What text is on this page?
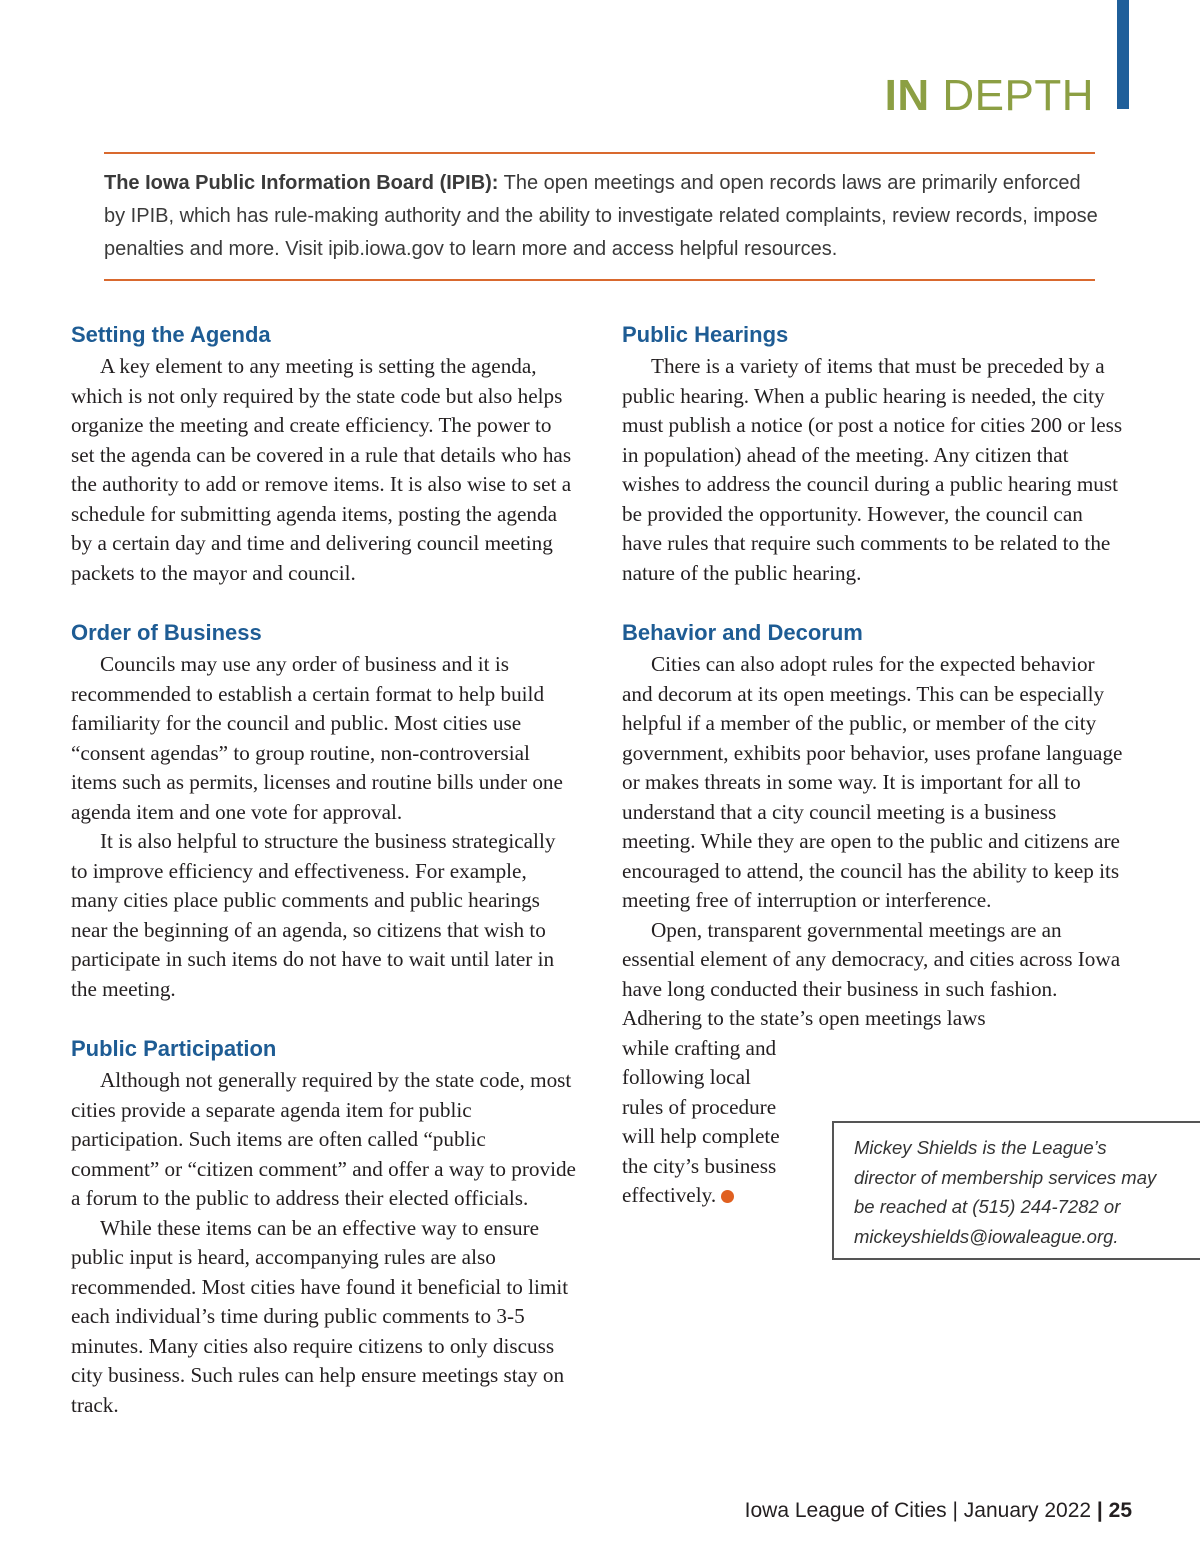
IN DEPTH
The Iowa Public Information Board (IPIB): The open meetings and open records laws are primarily enforced by IPIB, which has rule-making authority and the ability to investigate related complaints, review records, impose penalties and more. Visit ipib.iowa.gov to learn more and access helpful resources.
Setting the Agenda

A key element to any meeting is setting the agenda, which is not only required by the state code but also helps organize the meeting and create efficiency. The power to set the agenda can be covered in a rule that details who has the authority to add or remove items. It is also wise to set a schedule for submitting agenda items, posting the agenda by a certain day and time and delivering council meeting packets to the mayor and council.

Order of Business

Councils may use any order of business and it is recommended to establish a certain format to help build familiarity for the council and public. Most cities use “consent agendas” to group routine, non-controversial items such as permits, licenses and routine bills under one agenda item and one vote for approval.

It is also helpful to structure the business strategically to improve efficiency and effectiveness. For example, many cities place public comments and public hearings near the beginning of an agenda, so citizens that wish to participate in such items do not have to wait until later in the meeting.

Public Participation

Although not generally required by the state code, most cities provide a separate agenda item for public participation. Such items are often called “public comment” or “citizen comment” and offer a way to provide a forum to the public to address their elected officials.

While these items can be an effective way to ensure public input is heard, accompanying rules are also recommended. Most cities have found it beneficial to limit each individual’s time during public comments to 3-5 minutes. Many cities also require citizens to only discuss city business. Such rules can help ensure meetings stay on track.

Public Hearings

There is a variety of items that must be preceded by a public hearing. When a public hearing is needed, the city must publish a notice (or post a notice for cities 200 or less in population) ahead of the meeting. Any citizen that wishes to address the council during a public hearing must be provided the opportunity. However, the council can have rules that require such comments to be related to the nature of the public hearing.

Behavior and Decorum

Cities can also adopt rules for the expected behavior and decorum at its open meetings. This can be especially helpful if a member of the public, or member of the city government, exhibits poor behavior, uses profane language or makes threats in some way. It is important for all to understand that a city council meeting is a business meeting. While they are open to the public and citizens are encouraged to attend, the council has the ability to keep its meeting free of interruption or interference.

Open, transparent governmental meetings are an essential element of any democracy, and cities across Iowa have long conducted their business in such fashion. Adhering to the state’s open meetings laws

while crafting and

following local

rules of procedure

will help complete

the city’s business

effectively.

Mickey Shields is the League’s
director of membership services may
be reached at (515) 244-7282 or
mickeyshields@iowaleague.org.
Iowa League of Cities | January 2022 | 25
